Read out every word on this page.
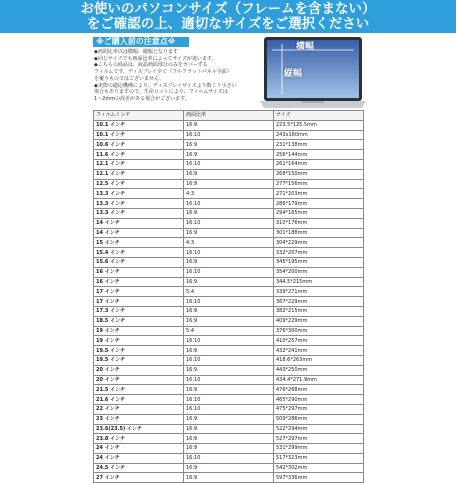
お使いのパソコンサイズ（フレームを含まない）
をご確認の上、適切なサイズをご選択ください
※ご購入前の注意点※
◆画面比率以は横幅：縦幅となります
◆同じサイズでも画面比率によってサイズが違います。
◆こちらの商品は、液晶画面部分のみをカバーする
フィルムです。ディスプレイ全て（フルフラットパネル全面）
を覆うものではございません。
◆実際の適応機種により、ディスプレイサイズより数ミリ小さい
場合もありますので、生産ロットにより、フィルムサイズは
1〜2mmの誤差がある場合がございます。
横幅
縦幅
フィルムインチ	画面比率	サイズ
10.1 インチ	16:9	223.5*125.5mm
10.1 インチ	16:10	243x160mm
10.6 インチ	16:9	231*138mm
11.6 インチ	16:9	256*144mm
12.1 インチ	16:10	261*164mm
12.1 インチ	16:9	268*150mm
12.5 インチ	16:9	277*156mm
13.3 インチ	4:3	271*203mm
13.3 インチ	16:10	286*179mm
13.3 インチ	16:9	294*165mm
14 インチ	16:10	310*176mm
14 インチ	16:9	301*188mm
15 インチ	4:3	304*229mm
15.4 インチ	16:10	332*207mm
15.6 インチ	16:9	345*195mm
16 インチ	16:10	354*200mm
16 インチ	16:9	344.5*215mm
17 インチ	5:4	339*271mm
17 インチ	16:10	367*229mm
17.3 インチ	16:9	382*215mm
18.5 インチ	16:9	409*229mm
19 インチ	5:4	376*300mm
19 インチ	16:10	410*257mm
19.5 インチ	16:9	432*241mm
19.5 インチ	16:10	418.6*263mm
20 インチ	16:9	443*250mm
20 インチ	16:10	434.4*271.9mm
21.5 インチ	16:9	476*268mm
21.6 インチ	16:10	465*290mm
22 インチ	16:10	475*297mm
23 インチ	16:9	509*286mm
23.6(23.5) インチ	16:9	522*294mm
23.8 インチ	16:9	527*297mm
24 インチ	16:9	531*299mm
24 インチ	16:10	517*323mm
24.5 インチ	16:9	542*302mm
27 インチ	16:9	597*336mm
